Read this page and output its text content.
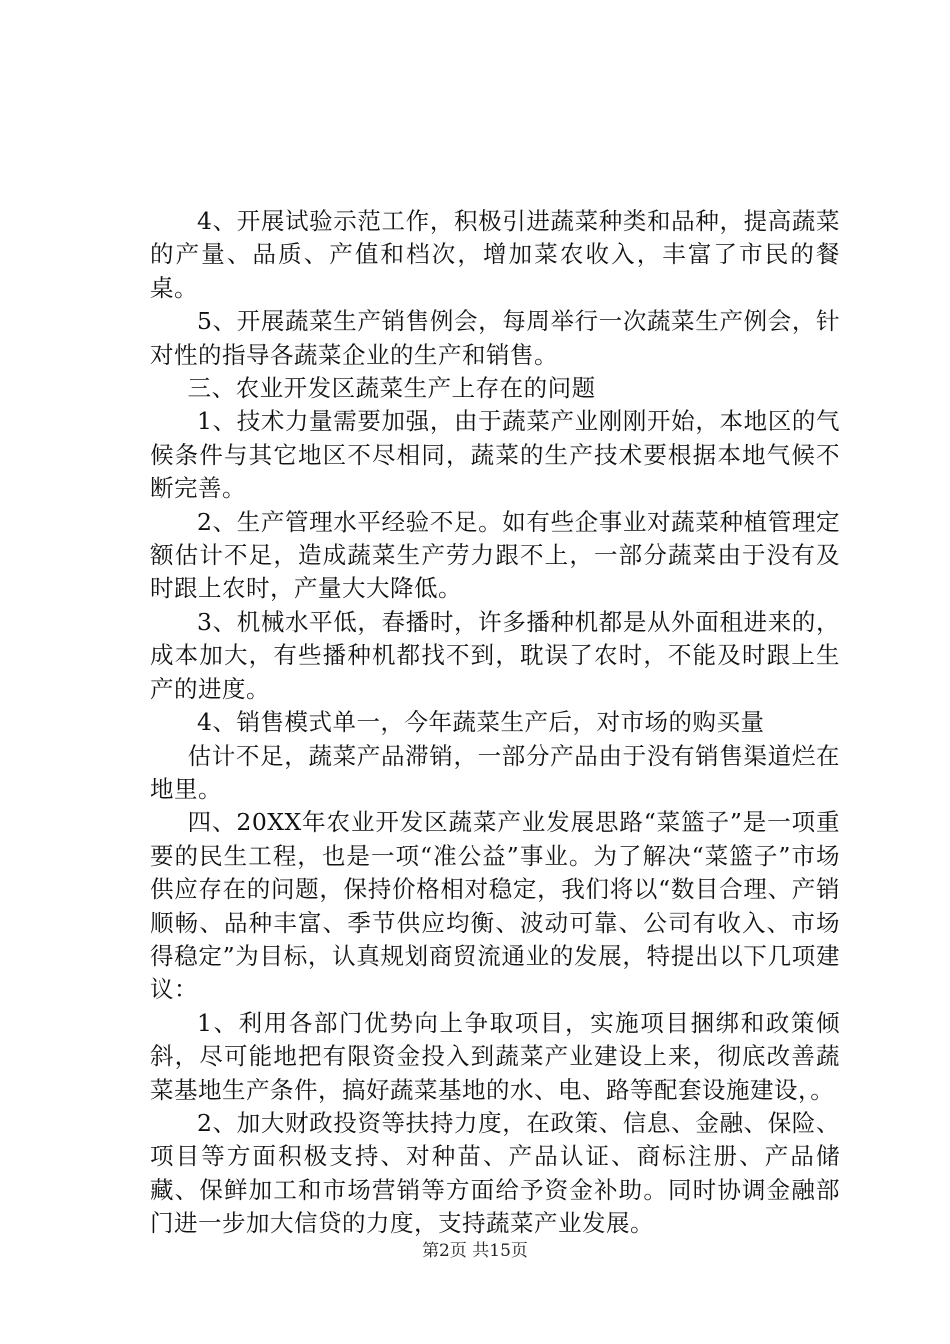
4、开展试验示范工作，积极引进蔬菜种类和品种，提高蔬菜的产量、品质、产值和档次，增加菜农收入，丰富了市民的餐桌。

5、开展蔬菜生产销售例会，每周举行一次蔬菜生产例会，针对性的指导各蔬菜企业的生产和销售。

三、农业开发区蔬菜生产上存在的问题

1、技术力量需要加强，由于蔬菜产业刚刚开始，本地区的气候条件与其它地区不尽相同，蔬菜的生产技术要根据本地气候不断完善。

2、生产管理水平经验不足。如有些企事业对蔬菜种植管理定额估计不足，造成蔬菜生产劳力跟不上，一部分蔬菜由于没有及时跟上农时，产量大大降低。

3、机械水平低，春播时，许多播种机都是从外面租进来的，成本加大，有些播种机都找不到，耽误了农时，不能及时跟上生产的进度。

4、销售模式单一，今年蔬菜生产后，对市场的购买量

估计不足，蔬菜产品滞销，一部分产品由于没有销售渠道烂在地里。

四、20XX年农业开发区蔬菜产业发展思路“菜篮子”是一项重要的民生工程，也是一项“准公益”事业。为了解决“菜篮子”市场供应存在的问题，保持价格相对稳定，我们将以“数目合理、产销顺畅、品种丰富、季节供应均衡、波动可靠、公司有收入、市场得稳定”为目标，认真规划商贸流通业的发展，特提出以下几项建议：

1、利用各部门优势向上争取项目，实施项目捆绑和政策倾斜，尽可能地把有限资金投入到蔬菜产业建设上来，彻底改善蔬菜基地生产条件，搞好蔬菜基地的水、电、路等配套设施建设，。

2、加大财政投资等扶持力度，在政策、信息、金融、保险、项目等方面积极支持、对种苗、产品认证、商标注册、产品储藏、保鲜加工和市场营销等方面给予资金补助。同时协调金融部门进一步加大信贷的力度，支持蔬菜产业发展。

第2页 共15页
